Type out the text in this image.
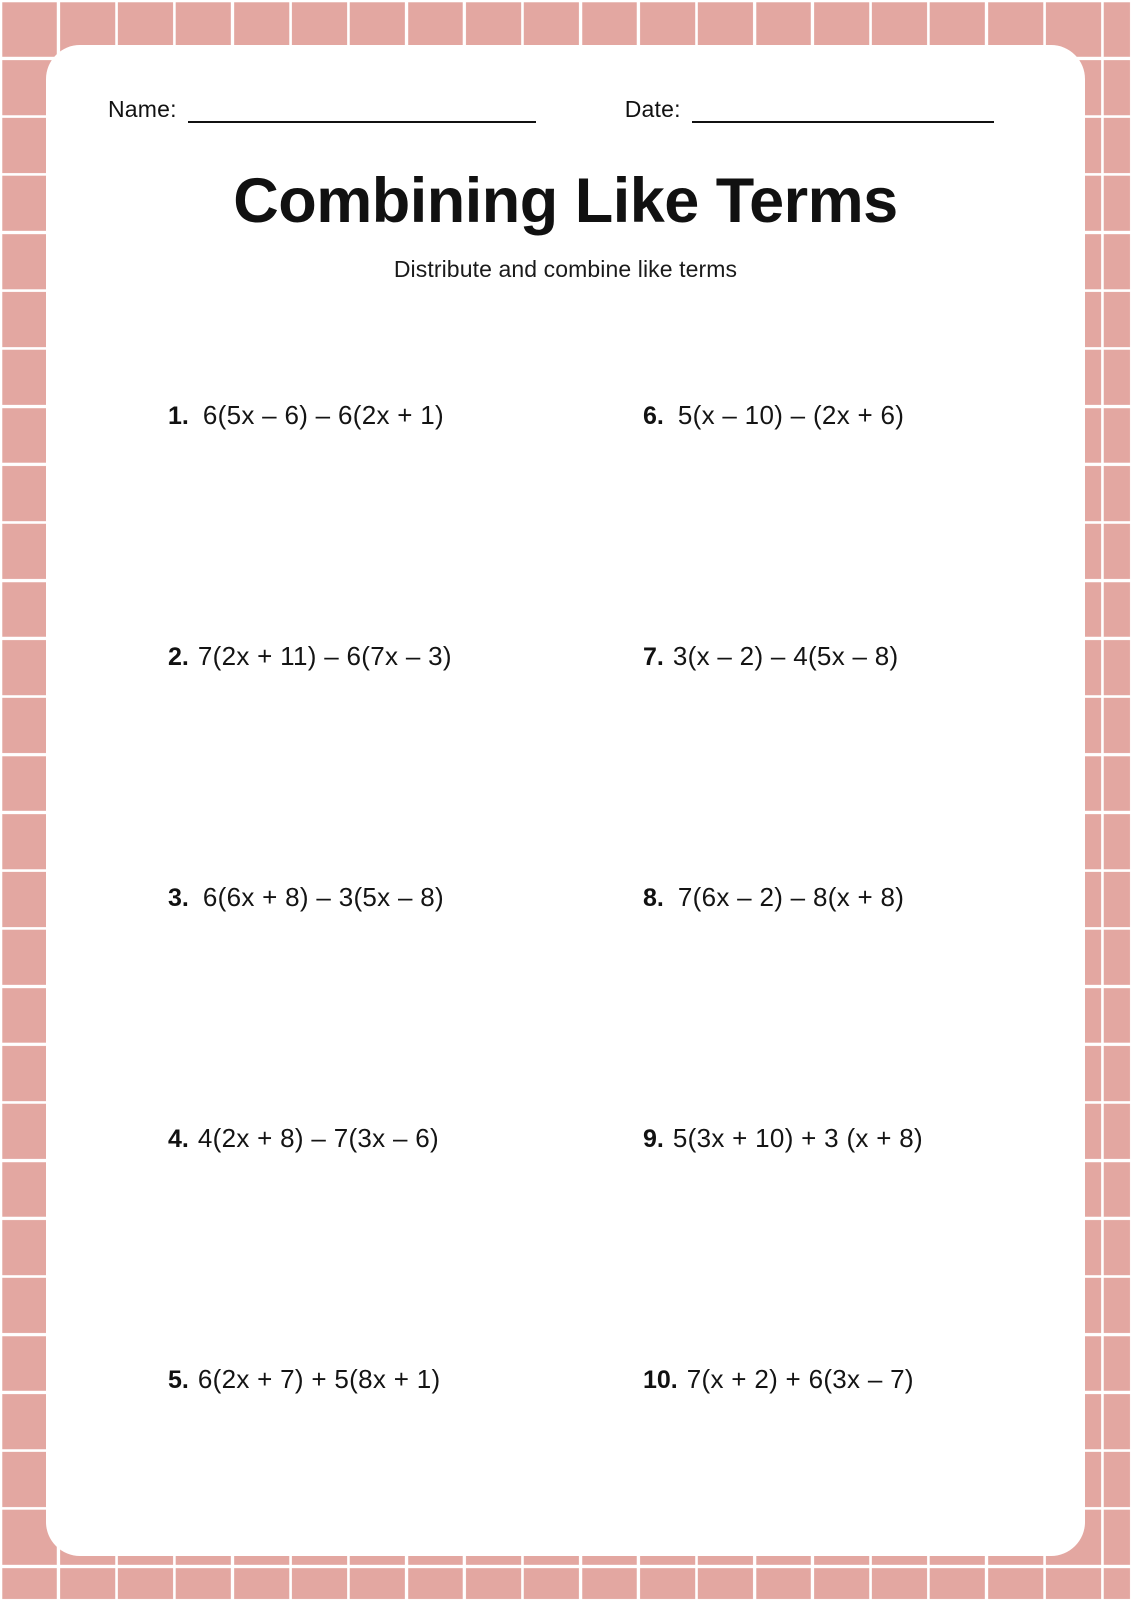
Name:	Date:
Combining Like Terms
Distribute and combine like terms
1. 6(5x – 6) – 6(2x + 1)
2. 7(2x + 11) – 6(7x – 3)
3. 6(6x + 8) – 3(5x – 8)
4. 4(2x + 8) – 7(3x – 6)
5. 6(2x + 7) + 5(8x + 1)
6. 5(x – 10) – (2x + 6)
7. 3(x – 2) – 4(5x – 8)
8. 7(6x – 2) – 8(x + 8)
9. 5(3x + 10) + 3 (x + 8)
10. 7(x + 2) + 6(3x – 7)
